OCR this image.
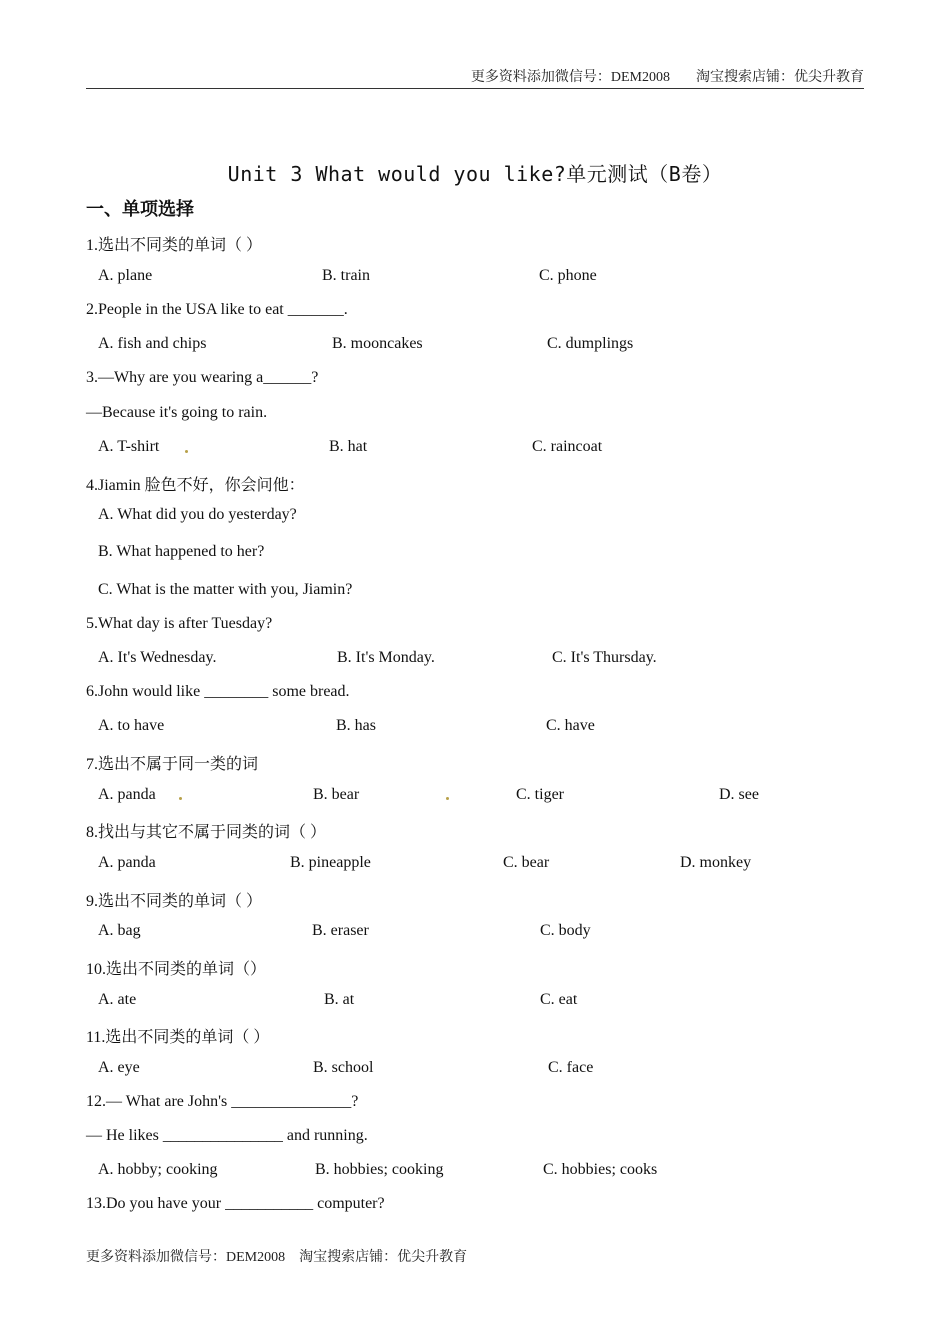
更多资料添加微信号：DEM2008 淘宝搜索店铺：优尖升教育
Unit 3 What would you like?单元测试（B卷）
一、单项选择
1.选出不同类的单词（ ）
A. plane	B. train	C. phone
2.People in the USA like to eat _______.
A. fish and chips	B. mooncakes	C. dumplings
3.—Why are you wearing a______?
—Because it's going to rain.
A. T-shirt	B. hat	C. raincoat
4.Jiamin 脸色不好，你会问他：
A. What did you do yesterday?
B. What happened to her?
C. What is the matter with you, Jiamin?
5.What day is after Tuesday?
A. It's Wednesday.	B. It's Monday.	C. It's Thursday.
6.John would like ________ some bread.
A. to have	B. has	C. have
7.选出不属于同一类的词
A. panda	B. bear	C. tiger	D. see
8.找出与其它不属于同类的词（ ）
A. panda	B. pineapple	C. bear	D. monkey
9.选出不同类的单词（ ）
A. bag	B. eraser	C. body
10.选出不同类的单词（）
A. ate	B. at	C. eat
11.选出不同类的单词（ ）
A. eye	B. school	C. face
12.— What are John's _______________?
— He likes _______________ and running.
A. hobby; cooking	B. hobbies; cooking	C. hobbies; cooks
13.Do you have your ___________ computer?
更多资料添加微信号：DEM2008 淘宝搜索店铺：优尖升教育
